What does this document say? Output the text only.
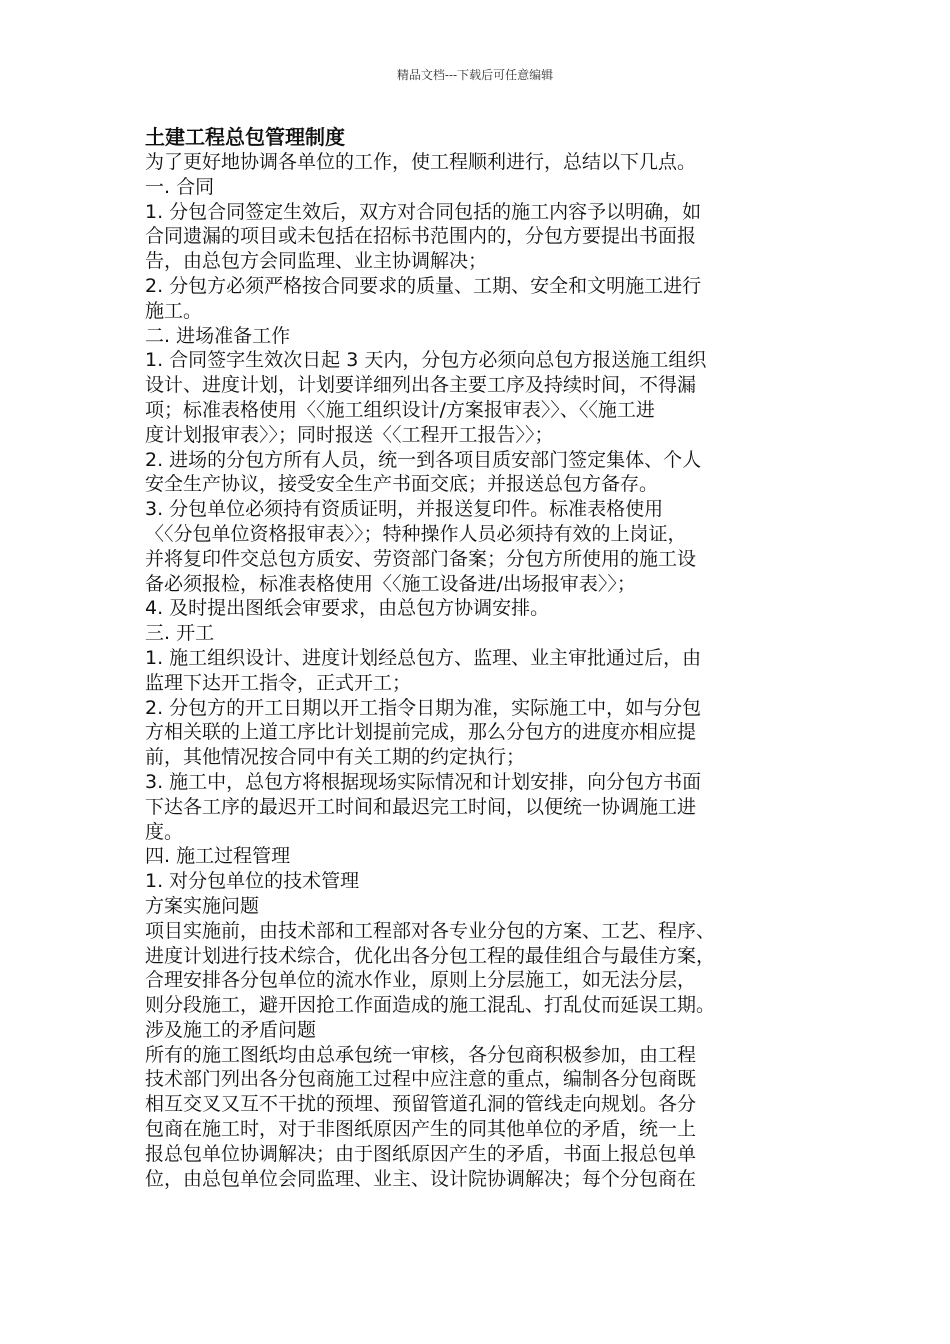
精品文档---下载后可任意编辑
土建工程总包管理制度
为了更好地协调各单位的工作，使工程顺利进行，总结以下几点。
一. 合同
1. 分包合同签定生效后，双方对合同包括的施工内容予以明确，如
合同遗漏的项目或未包括在招标书范围内的，分包方要提出书面报
告，由总包方会同监理、业主协调解决；
2. 分包方必须严格按合同要求的质量、工期、安全和文明施工进行
施工。
二. 进场准备工作
1. 合同签字生效次日起 3 天内，分包方必须向总包方报送施工组织
设计、进度计划，计划要详细列出各主要工序及持续时间，不得漏
项；标准表格使用〈〈施工组织设计/方案报审表〉〉、〈〈施工进
度计划报审表〉〉；同时报送〈〈工程开工报告〉〉；
2. 进场的分包方所有人员，统一到各项目质安部门签定集体、个人
安全生产协议，接受安全生产书面交底；并报送总包方备存。
3. 分包单位必须持有资质证明，并报送复印件。标准表格使用
〈〈分包单位资格报审表〉〉；特种操作人员必须持有效的上岗证，
并将复印件交总包方质安、劳资部门备案；分包方所使用的施工设
备必须报检，标准表格使用〈〈施工设备进/出场报审表〉〉；
4. 及时提出图纸会审要求，由总包方协调安排。
三. 开工
1. 施工组织设计、进度计划经总包方、监理、业主审批通过后，由
监理下达开工指令，正式开工；
2. 分包方的开工日期以开工指令日期为准，实际施工中，如与分包
方相关联的上道工序比计划提前完成，那么分包方的进度亦相应提
前，其他情况按合同中有关工期的约定执行；
3. 施工中，总包方将根据现场实际情况和计划安排，向分包方书面
下达各工序的最迟开工时间和最迟完工时间，以便统一协调施工进
度。
四. 施工过程管理
1. 对分包单位的技术管理
方案实施问题
项目实施前，由技术部和工程部对各专业分包的方案、工艺、程序、
进度计划进行技术综合，优化出各分包工程的最佳组合与最佳方案，
合理安排各分包单位的流水作业，原则上分层施工，如无法分层，
则分段施工，避开因抢工作面造成的施工混乱、打乱仗而延误工期。
涉及施工的矛盾问题
所有的施工图纸均由总承包统一审核，各分包商积极参加，由工程
技术部门列出各分包商施工过程中应注意的重点，编制各分包商既
相互交叉又互不干扰的预埋、预留管道孔洞的管线走向规划。各分
包商在施工时，对于非图纸原因产生的同其他单位的矛盾，统一上
报总包单位协调解决；由于图纸原因产生的矛盾，书面上报总包单
位，由总包单位会同监理、业主、设计院协调解决；每个分包商在
